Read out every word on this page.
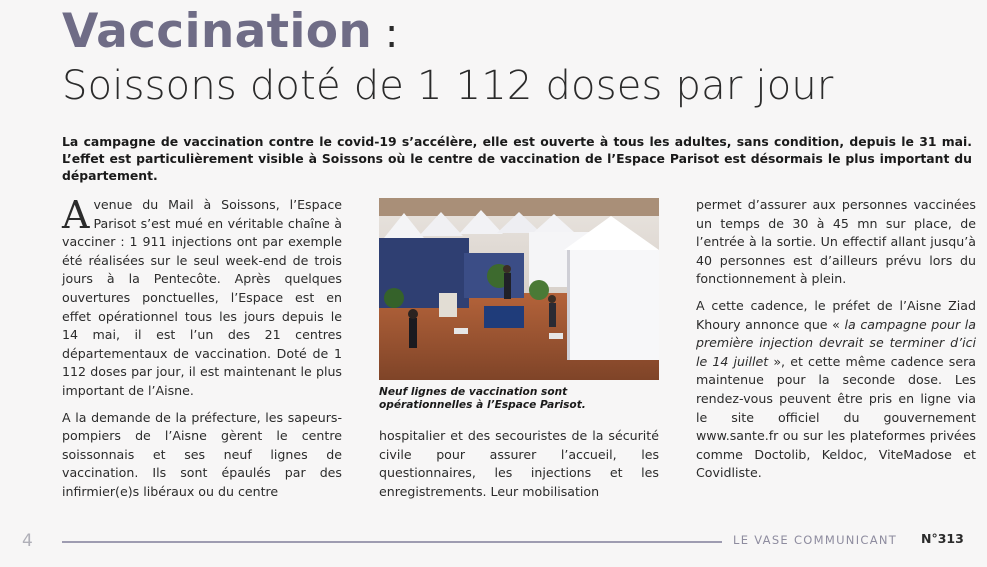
Vaccination :
Soissons doté de 1 112 doses par jour
La campagne de vaccination contre le covid-19 s’accélère, elle est ouverte à tous les adultes, sans condition, depuis le 31 mai. L’effet est particulièrement visible à Soissons où le centre de vaccination de l’Espace Parisot est désormais le plus important du département.

Avenue du Mail à Soissons, l’Espace Parisot s’est mué en véritable chaîne à vacciner : 1 911 injections ont par exemple été réalisées sur le seul week-end de trois jours à la Pentecôte. Après quelques ouvertures ponctuelles, l’Espace est en effet opérationnel tous les jours depuis le 14 mai, il est l’un des 21 centres départementaux de vaccination. Doté de 1 112 doses par jour, il est maintenant le plus important de l’Aisne.

A la demande de la préfecture, les sapeurs-pompiers de l’Aisne gèrent le centre soissonnais et ses neuf lignes de vaccination. Ils sont épaulés par des infirmier(e)s libéraux ou du centre

Neuf lignes de vaccination sont opérationnelles à l’Espace Parisot.

hospitalier et des secouristes de la sécurité civile pour assurer l’accueil, les questionnaires, les injections et les enregistrements. Leur mobilisation

permet d’assurer aux personnes vaccinées un temps de 30 à 45 mn sur place, de l’entrée à la sortie. Un effectif allant jusqu’à 40 personnes est d’ailleurs prévu lors du fonctionnement à plein.

A cette cadence, le préfet de l’Aisne Ziad Khoury annonce que « la campagne pour la première injection devrait se terminer d’ici le 14 juillet », et cette même cadence sera maintenue pour la seconde dose. Les rendez-vous peuvent être pris en ligne via le site officiel du gouvernement www.sante.fr ou sur les plateformes privées comme Doctolib, Keldoc, ViteMadose et Covidliste.

4	LE VASE COMMUNICANT N°313
